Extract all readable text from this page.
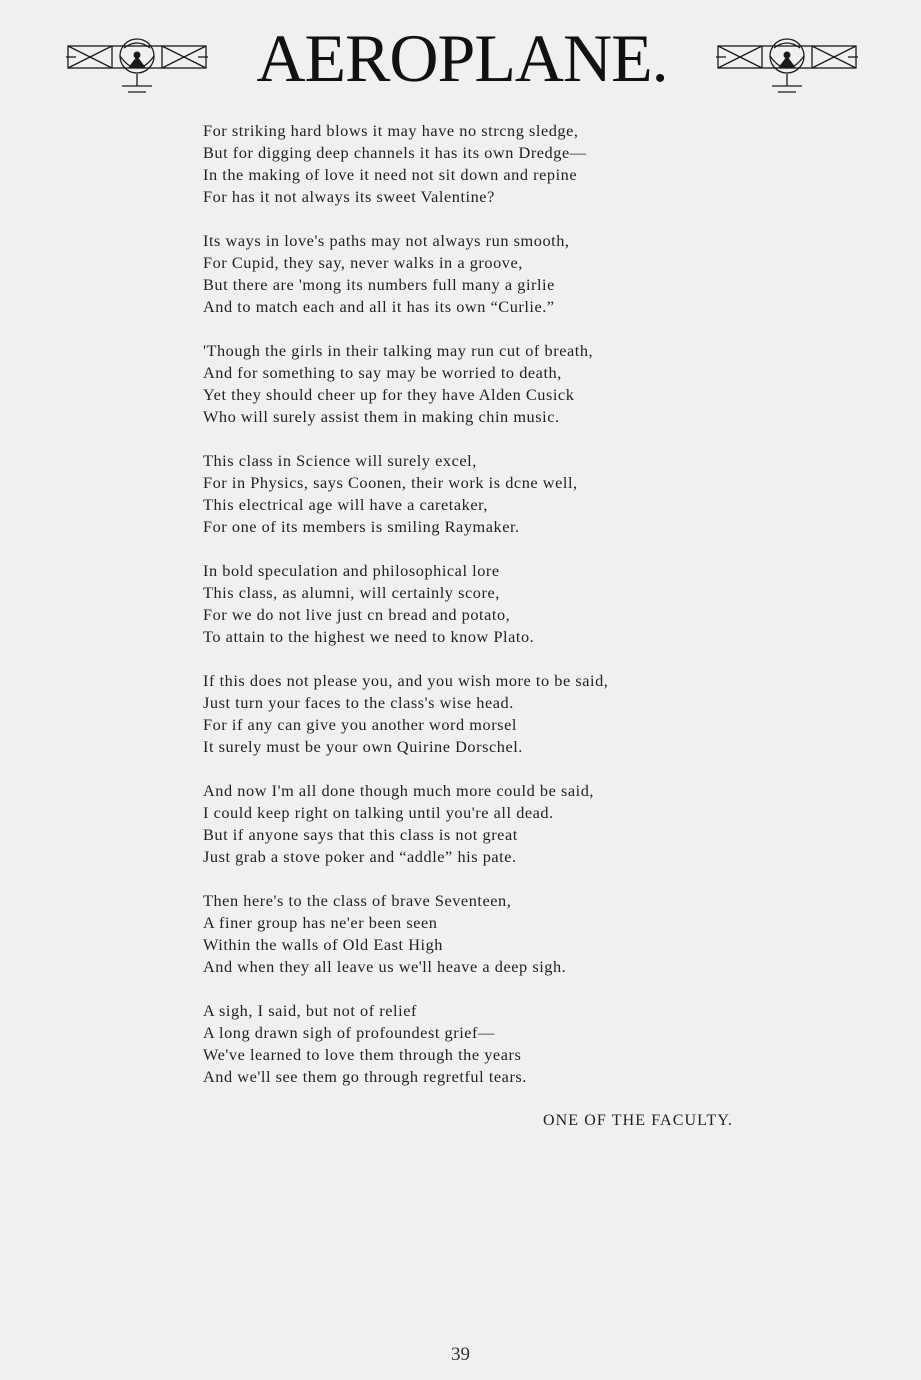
AEROPLANE.
For striking hard blows it may have no strcng sledge,
But for digging deep channels it has its own Dredge—
In the making of love it need not sit down and repine
For has it not always its sweet Valentine?
Its ways in love's paths may not always run smooth,
For Cupid, they say, never walks in a groove,
But there are 'mong its numbers full many a girlie
And to match each and all it has its own “Curlie.”
'Though the girls in their talking may run cut of breath,
And for something to say may be worried to death,
Yet they should cheer up for they have Alden Cusick
Who will surely assist them in making chin music.
This class in Science will surely excel,
For in Physics, says Coonen, their work is dcne well,
This electrical age will have a caretaker,
For one of its members is smiling Raymaker.
In bold speculation and philosophical lore
This class, as alumni, will certainly score,
For we do not live just cn bread and potato,
To attain to the highest we need to know Plato.
If this does not please you, and you wish more to be said,
Just turn your faces to the class's wise head.
For if any can give you another word morsel
It surely must be your own Quirine Dorschel.
And now I'm all done though much more could be said,
I could keep right on talking until you're all dead.
But if anyone says that this class is not great
Just grab a stove poker and “addle” his pate.
Then here's to the class of brave Seventeen,
A finer group has ne'er been seen
Within the walls of Old East High
And when they all leave us we'll heave a deep sigh.
A sigh, I said, but not of relief
A long drawn sigh of profoundest grief—
We've learned to love them through the years
And we'll see them go through regretful tears.
ONE OF THE FACULTY.
39
